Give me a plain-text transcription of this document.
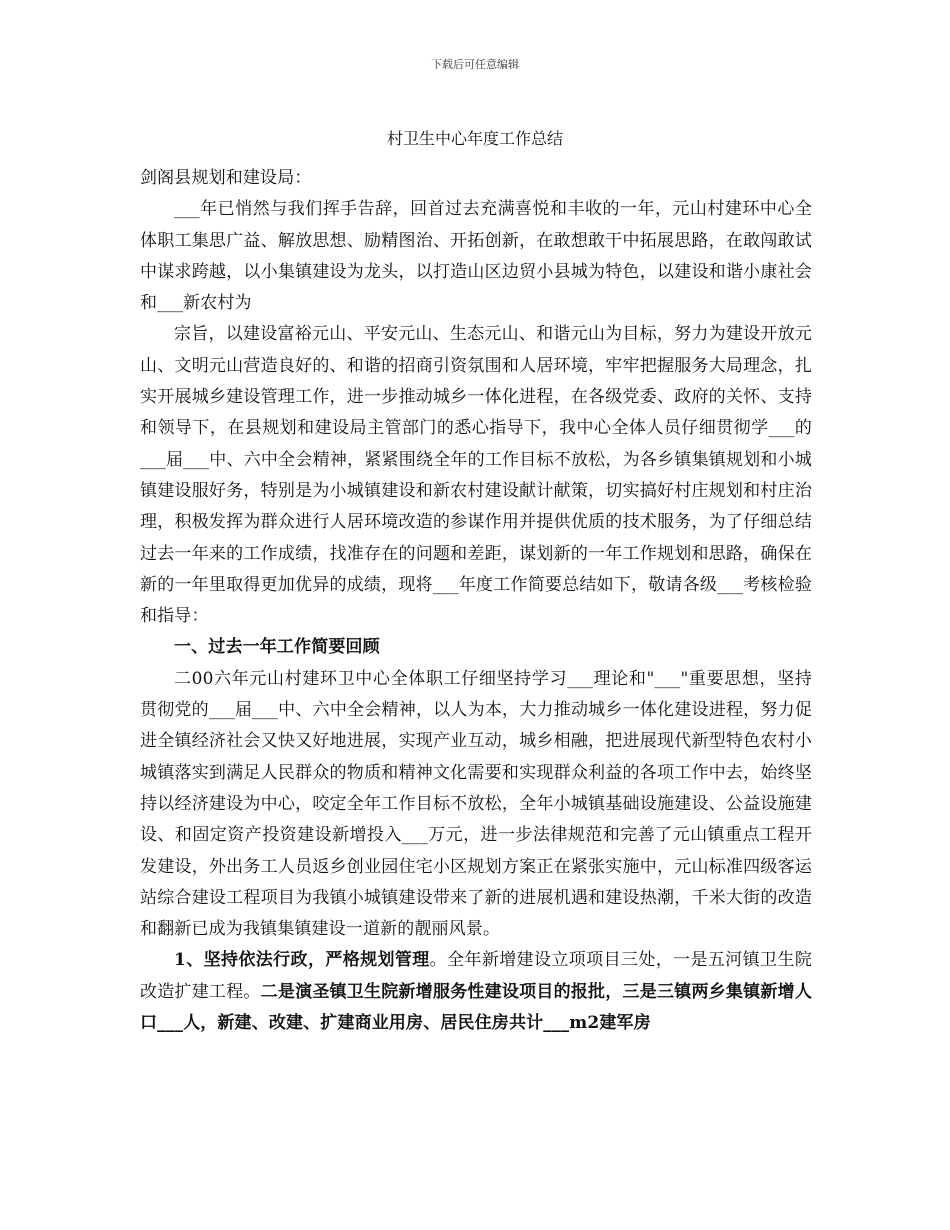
下载后可任意编辑
村卫生中心年度工作总结

剑阁县规划和建设局：

___年已悄然与我们挥手告辞，回首过去充满喜悦和丰收的一年，元山村建环中心全体职工集思广益、解放思想、励精图治、开拓创新，在敢想敢干中拓展思路，在敢闯敢试中谋求跨越，以小集镇建设为龙头，以打造山区边贸小县城为特色，以建设和谐小康社会和___新农村为

宗旨，以建设富裕元山、平安元山、生态元山、和谐元山为目标，努力为建设开放元山、文明元山营造良好的、和谐的招商引资氛围和人居环境，牢牢把握服务大局理念，扎实开展城乡建设管理工作，进一步推动城乡一体化进程，在各级党委、政府的关怀、支持和领导下，在县规划和建设局主管部门的悉心指导下，我中心全体人员仔细贯彻学___的___届___中、六中全会精神，紧紧围绕全年的工作目标不放松，为各乡镇集镇规划和小城镇建设服好务，特别是为小城镇建设和新农村建设献计献策，切实搞好村庄规划和村庄治理，积极发挥为群众进行人居环境改造的参谋作用并提供优质的技术服务，为了仔细总结过去一年来的工作成绩，找准存在的问题和差距，谋划新的一年工作规划和思路，确保在新的一年里取得更加优异的成绩，现将___年度工作简要总结如下，敬请各级___考核检验和指导：

一、过去一年工作简要回顾

二00六年元山村建环卫中心全体职工仔细坚持学习___理论和"___"重要思想，坚持贯彻党的___届___中、六中全会精神，以人为本，大力推动城乡一体化建设进程，努力促进全镇经济社会又快又好地进展，实现产业互动，城乡相融，把进展现代新型特色农村小城镇落实到满足人民群众的物质和精神文化需要和实现群众利益的各项工作中去，始终坚持以经济建设为中心，咬定全年工作目标不放松，全年小城镇基础设施建设、公益设施建设、和固定资产投资建设新增投入___万元，进一步法律规范和完善了元山镇重点工程开发建设，外出务工人员返乡创业园住宅小区规划方案正在紧张实施中，元山标准四级客运站综合建设工程项目为我镇小城镇建设带来了新的进展机遇和建设热潮，千米大街的改造和翻新已成为我镇集镇建设一道新的靓丽风景。

1、坚持依法行政，严格规划管理。全年新增建设立项项目三处，一是五河镇卫生院改造扩建工程。二是演圣镇卫生院新增服务性建设项目的报批，三是三镇两乡集镇新增人口___人，新建、改建、扩建商业用房、居民住房共计___m2建军房
